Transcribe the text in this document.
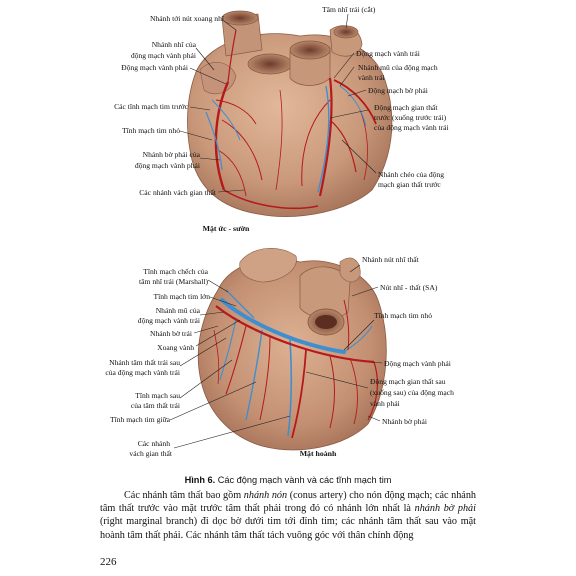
Nhánh tới nút xoang nhĩ
Nhánh nhĩ của
động mạch vành phải
Động mạch vành phải
Các tĩnh mạch tim trước
Tĩnh mạch tim nhỏ
Nhánh bờ phải của
động mạch vành phải
Các nhánh vách gian thất
Tâm nhĩ trái (cắt)
Động mạch vành trái
Nhánh mũ của động mạch
vành trái
Động mạch bờ phải
Động mạch gian thất
trước (xuống trước trái)
của động mạch vành trái
Nhánh chéo của động
mạch gian thất trước
Mặt ức - sườn
Tĩnh mạch chếch của
tâm nhĩ trái (Marshall)
Tĩnh mạch tim lớn
Nhánh mũ của
động mạch vành trái
Nhánh bờ trái
Xoang vành
Nhánh tâm thất trái sau
của động mạch vành trái
Tĩnh mạch sau
của tâm thất trái
Tĩnh mạch tim giữa
Các nhánh
vách gian thất
Nhánh nút nhĩ thất
Nút nhĩ - thất (SA)
Tĩnh mạch tim nhỏ
Động mạch vành phải
Động mạch gian thất sau
(xuống sau) của động mạch
vành phải
Nhánh bờ phải
Mặt hoành
Hình 6. Các động mạch vành và các tĩnh mạch tim

Các nhánh tâm thất bao gồm nhánh nón (conus artery) cho nón động mạch; các nhánh tâm thất trước vào mặt trước tâm thất phải trong đó có nhánh lớn nhất là nhánh bờ phải (right marginal branch) đi dọc bờ dưới tim tới đỉnh tim; các nhánh tâm thất sau vào mặt hoành tâm thất phải. Các nhánh tâm thất tách vuông góc với thân chính động

226
